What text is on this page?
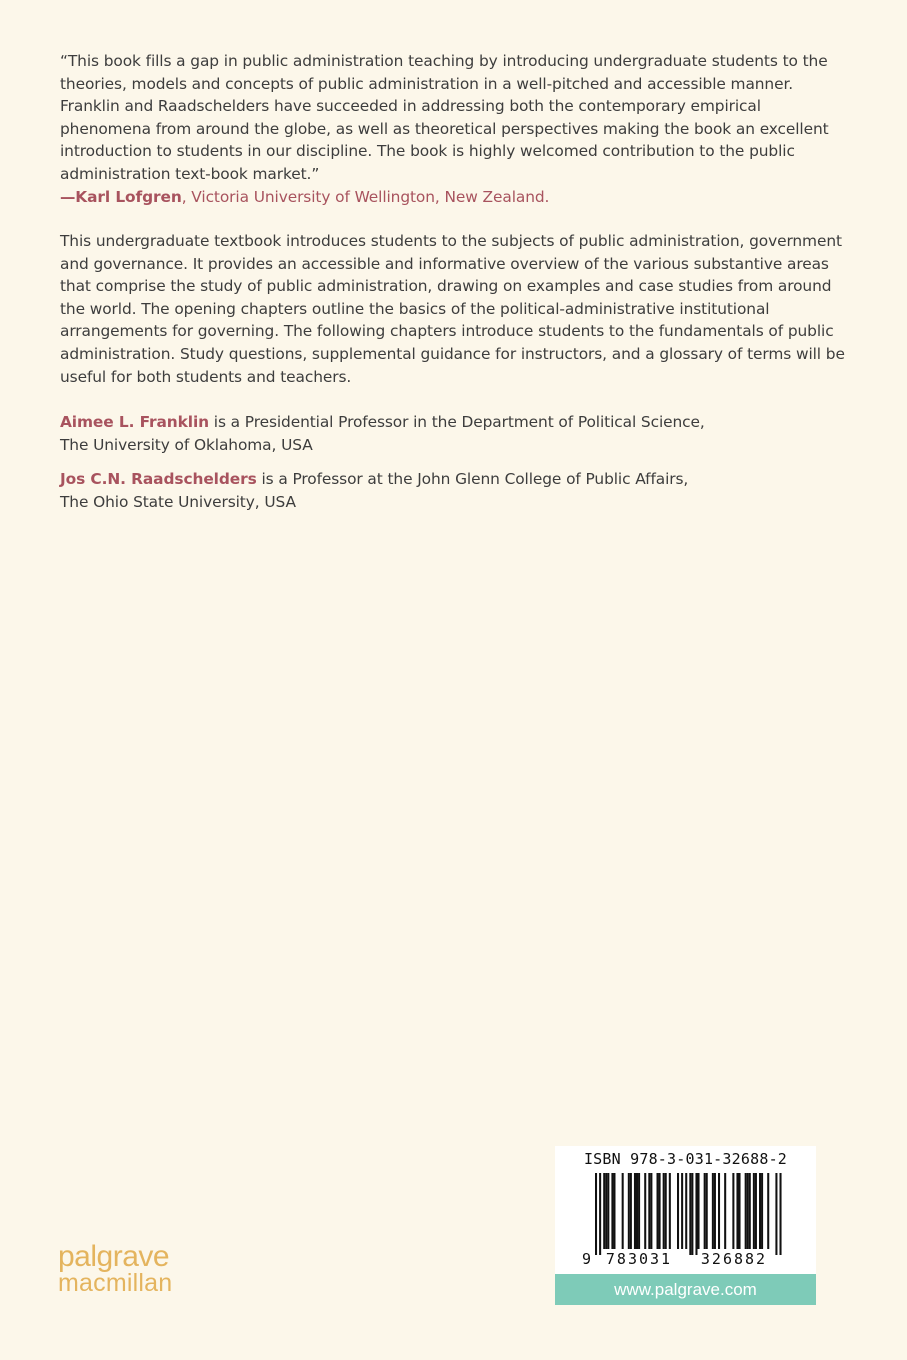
“This book fills a gap in public administration teaching by introducing undergraduate students to the theories, models and concepts of public administration in a well-pitched and accessible manner. Franklin and Raadschelders have succeeded in addressing both the contemporary empirical phenomena from around the globe, as well as theoretical perspectives making the book an excellent introduction to students in our discipline. The book is highly welcomed contribution to the public administration text-book market.”

—Karl Lofgren, Victoria University of Wellington, New Zealand.

This undergraduate textbook introduces students to the subjects of public administration, government and governance. It provides an accessible and informative overview of the various substantive areas that comprise the study of public administration, drawing on examples and case studies from around the world. The opening chapters outline the basics of the political-administrative institutional arrangements for governing. The following chapters introduce students to the fundamentals of public administration. Study questions, supplemental guidance for instructors, and a glossary of terms will be useful for both students and teachers.

Aimee L. Franklin is a Presidential Professor in the Department of Political Science,
The University of Oklahoma, USA

Jos C.N. Raadschelders is a Professor at the John Glenn College of Public Affairs,
The Ohio State University, USA

palgrave
macmillan
ISBN 978-3-031-32688-2
9 783031 326882
www.palgrave.com
